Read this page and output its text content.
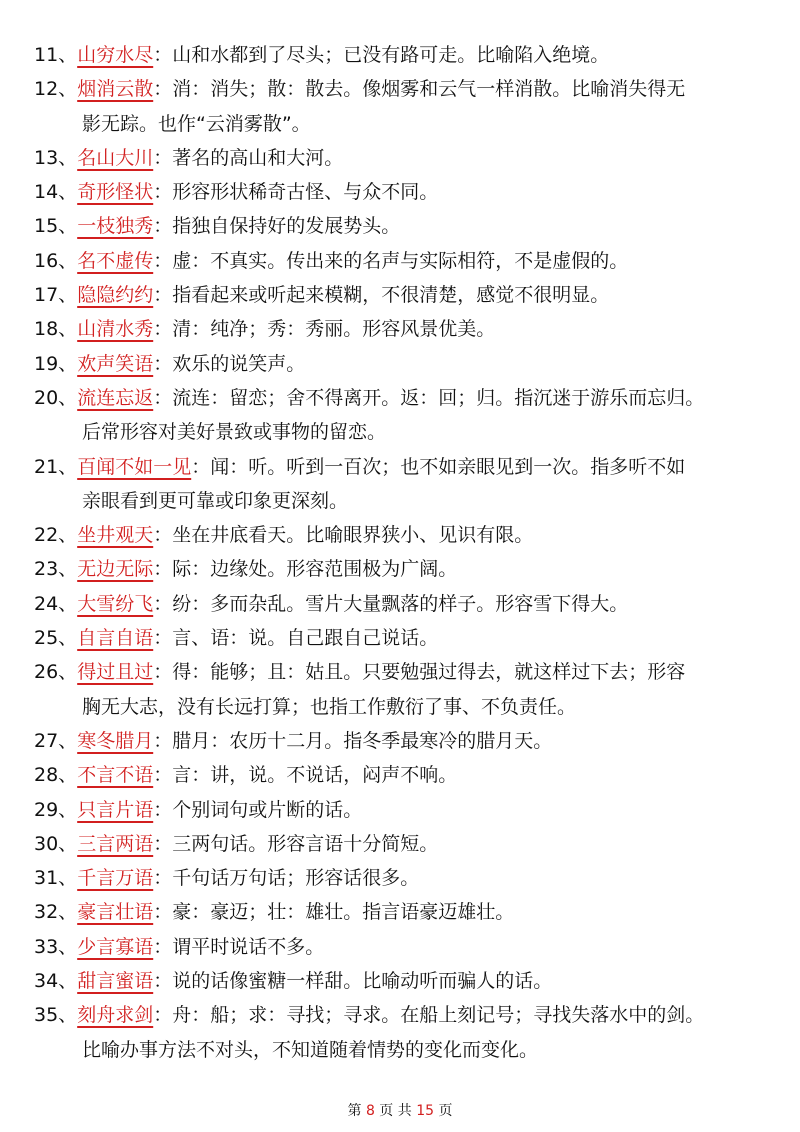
11、山穷水尽：山和水都到了尽头；已没有路可走。比喻陷入绝境。
12、烟消云散：消：消失；散：散去。像烟雾和云气一样消散。比喻消失得无
影无踪。也作“云消雾散”。
13、名山大川：著名的高山和大河。
14、奇形怪状：形容形状稀奇古怪、与众不同。
15、一枝独秀：指独自保持好的发展势头。
16、名不虚传：虚：不真实。传出来的名声与实际相符，不是虚假的。
17、隐隐约约：指看起来或听起来模糊，不很清楚，感觉不很明显。
18、山清水秀：清：纯净；秀：秀丽。形容风景优美。
19、欢声笑语：欢乐的说笑声。
20、流连忘返：流连：留恋；舍不得离开。返：回；归。指沉迷于游乐而忘归。
后常形容对美好景致或事物的留恋。
21、百闻不如一见：闻：听。听到一百次；也不如亲眼见到一次。指多听不如
亲眼看到更可靠或印象更深刻。
22、坐井观天：坐在井底看天。比喻眼界狭小、见识有限。
23、无边无际：际：边缘处。形容范围极为广阔。
24、大雪纷飞：纷：多而杂乱。雪片大量飘落的样子。形容雪下得大。
25、自言自语：言、语：说。自己跟自己说话。
26、得过且过：得：能够；且：姑且。只要勉强过得去，就这样过下去；形容
胸无大志，没有长远打算；也指工作敷衍了事、不负责任。
27、寒冬腊月：腊月：农历十二月。指冬季最寒冷的腊月天。
28、不言不语：言：讲，说。不说话，闷声不响。
29、只言片语：个别词句或片断的话。
30、三言两语：三两句话。形容言语十分简短。
31、千言万语：千句话万句话；形容话很多。
32、豪言壮语：豪：豪迈；壮：雄壮。指言语豪迈雄壮。
33、少言寡语：谓平时说话不多。
34、甜言蜜语：说的话像蜜糖一样甜。比喻动听而骗人的话。
35、刻舟求剑：舟：船；求：寻找；寻求。在船上刻记号；寻找失落水中的剑。
比喻办事方法不对头，不知道随着情势的变化而变化。
第 8 页 共 15 页
